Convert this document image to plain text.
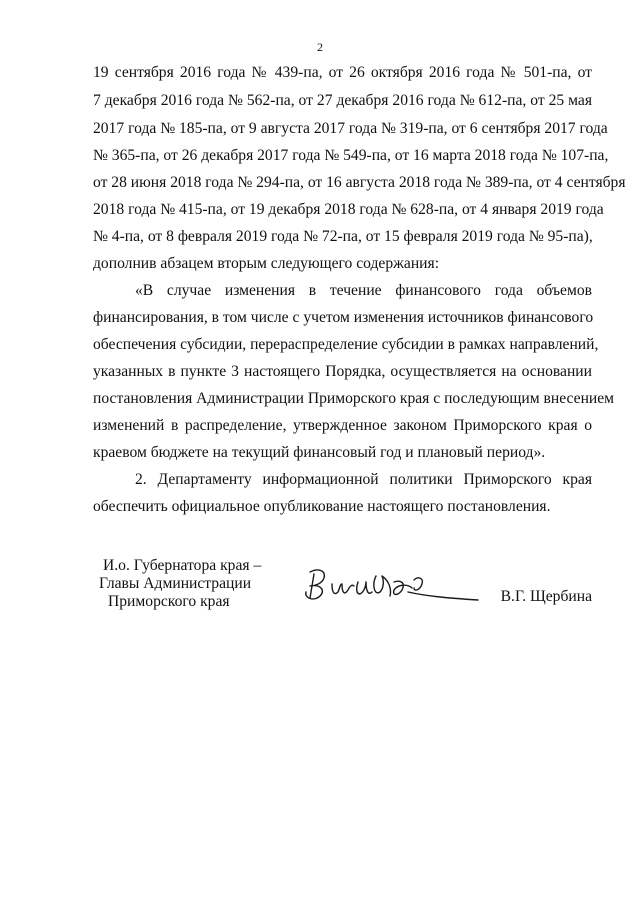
2
19 сентября 2016 года № 439-па, от 26 октября 2016 года № 501-па, от
7 декабря 2016 года № 562-па, от 27 декабря 2016 года № 612-па, от 25 мая
2017 года № 185-па, от 9 августа 2017 года № 319-па, от 6 сентября 2017 года
№ 365-па, от 26 декабря 2017 года № 549-па, от 16 марта 2018 года № 107-па,
от 28 июня 2018 года № 294-па, от 16 августа 2018 года № 389-па, от 4 сентября
2018 года № 415-па, от 19 декабря 2018 года № 628-па, от 4 января 2019 года
№ 4-па, от 8 февраля 2019 года № 72-па, от 15 февраля 2019 года № 95-па),
дополнив абзацем вторым следующего содержания:
«В случае изменения в течение финансового года объемов
финансирования, в том числе с учетом изменения источников финансового
обеспечения субсидии, перераспределение субсидии в рамках направлений,
указанных в пункте 3 настоящего Порядка, осуществляется на основании
постановления Администрации Приморского края с последующим внесением
изменений в распределение, утвержденное законом Приморского края о
краевом бюджете на текущий финансовый год и плановый период».
2. Департаменту информационной политики Приморского края
обеспечить официальное опубликование настоящего постановления.
И.о. Губернатора края –
Главы Администрации
Приморского края	В.Г. Щербина
